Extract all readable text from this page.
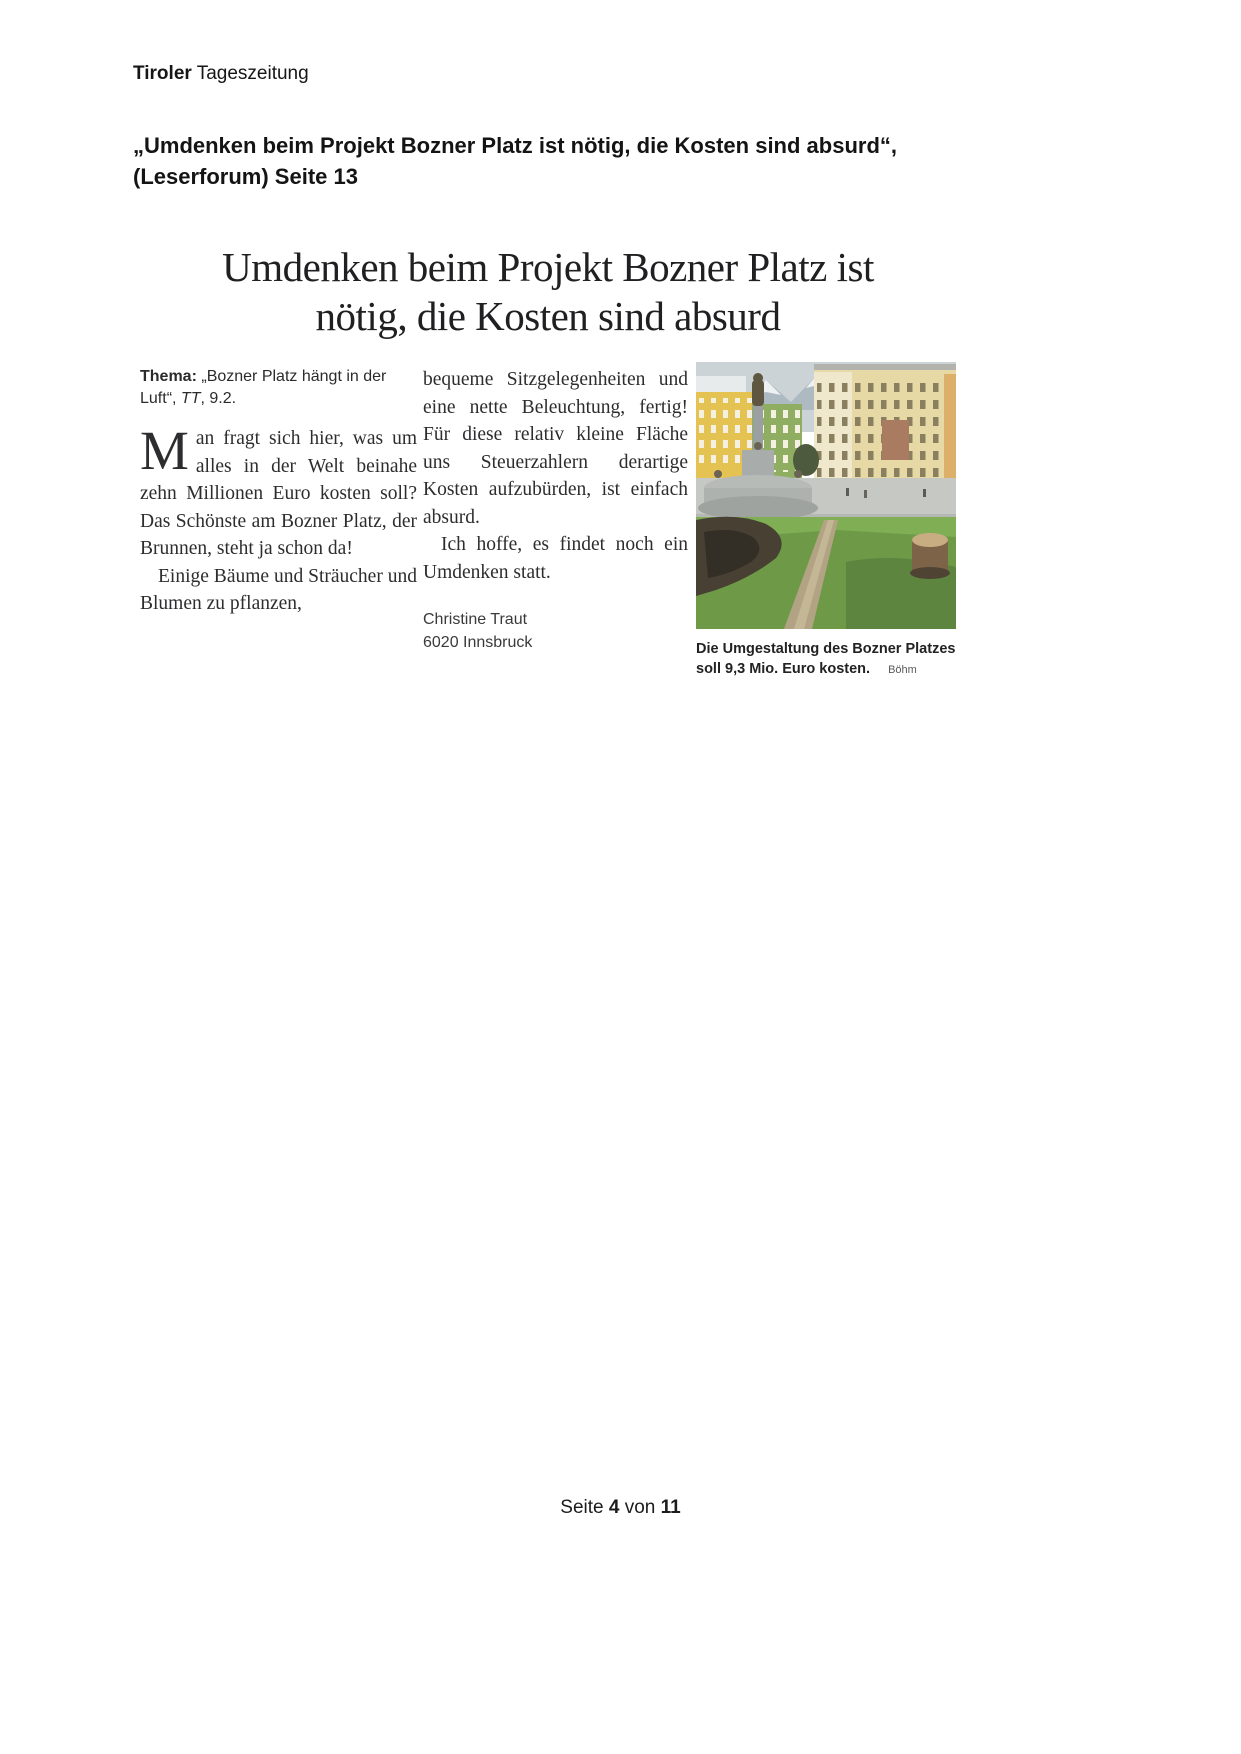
Tiroler Tageszeitung
„Umdenken beim Projekt Bozner Platz ist nötig, die Kosten sind absurd“, (Leserforum) Seite 13
Umdenken beim Projekt Bozner Platz ist
nötig, die Kosten sind absurd
Thema: „Bozner Platz hängt in der Luft“, TT, 9.2.

Man fragt sich hier, was um alles in der Welt beinahe zehn Millionen Euro kosten soll? Das Schönste am Bozner Platz, der Brunnen, steht ja schon da!

Einige Bäume und Sträucher und Blumen zu pflanzen,

bequeme Sitzgelegenheiten und eine nette Beleuchtung, fertig! Für diese relativ kleine Fläche uns Steuerzahlern derartige Kosten aufzubürden, ist einfach absurd.

Ich hoffe, es findet noch ein Umdenken statt.

Christine Traut
6020 Innsbruck	Die Umgestaltung des Bozner Platzes soll 9,3 Mio. Euro kosten. Böhm
Seite 4 von 11
